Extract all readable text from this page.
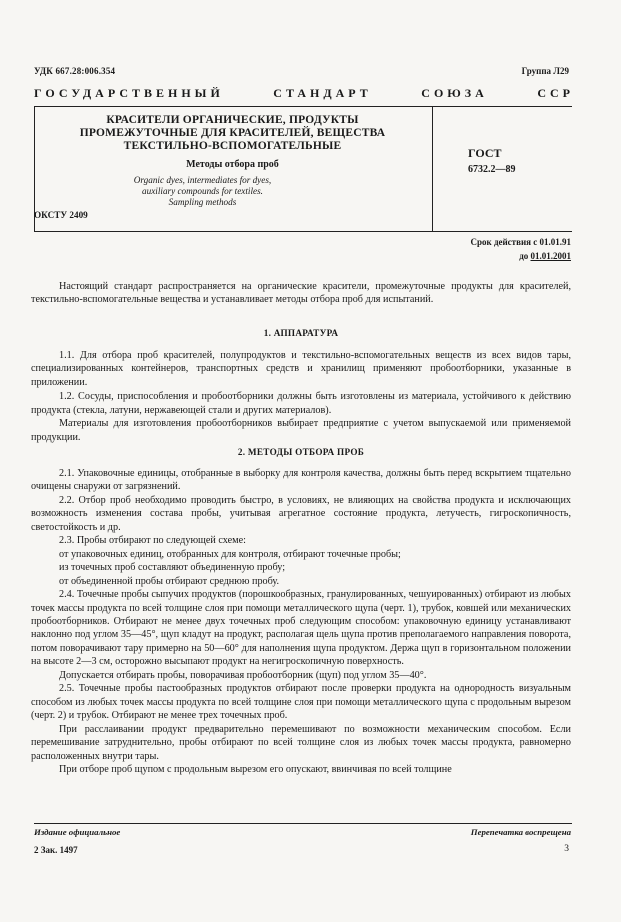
УДК 667.28:006.354	Группа Л29
ГОСУДАРСТВЕННЫЙ	СТАНДАРТ	СОЮЗА	ССР
КРАСИТЕЛИ ОРГАНИЧЕСКИЕ, ПРОДУКТЫ
ПРОМЕЖУТОЧНЫЕ ДЛЯ КРАСИТЕЛЕЙ, ВЕЩЕСТВА
ТЕКСТИЛЬНО-ВСПОМОГАТЕЛЬНЫЕ
Методы отбора проб
Organic dyes, intermediates for dyes,
auxiliary compounds for textiles.
Sampling methods
ГОСТ
6732.2—89
ОКСТУ 2409
Срок действия с 01.01.91
до 01.01.2001

Настоящий стандарт распространяется на органические красители, промежуточные продукты для красителей, текстильно-вспомогательные вещества и устанавливает методы отбора проб для испытаний.

1. АППАРАТУРА

1.1. Для отбора проб красителей, полупродуктов и текстильно-вспомогательных веществ из всех видов тары, специализированных контейнеров, транспортных средств и хранилищ применяют пробоотборники, указанные в приложении.

1.2. Сосуды, приспособления и пробоотборники должны быть изготовлены из материала, устойчивого к действию продукта (стекла, латуни, нержавеющей стали и других материалов).

Материалы для изготовления пробоотборников выбирает предприятие с учетом выпускаемой или применяемой продукции.

2. МЕТОДЫ ОТБОРА ПРОБ

2.1. Упаковочные единицы, отобранные в выборку для контроля качества, должны быть перед вскрытием тщательно очищены снаружи от загрязнений.

2.2. Отбор проб необходимо проводить быстро, в условиях, не влияющих на свойства продукта и исключающих возможность изменения состава пробы, учитывая агрегатное состояние продукта, летучесть, гигроскопичность, светостойкость и др.

2.3. Пробы отбирают по следующей схеме:

от упаковочных единиц, отобранных для контроля, отбирают точечные пробы;

из точечных проб составляют объединенную пробу;

от объединенной пробы отбирают среднюю пробу.

2.4. Точечные пробы сыпучих продуктов (порошкообразных, гранулированных, чешуированных) отбирают из любых точек массы продукта по всей толщине слоя при помощи металлического щупа (черт. 1), трубок, ковшей или механических пробоотборников. Отбирают не менее двух точечных проб следующим способом: упаковочную единицу устанавливают наклонно под углом 35—45°, щуп кладут на продукт, располагая щель щупа против преполагаемого направления поворота, потом поворачивают тару примерно на 50—60° для наполнения щупа продуктом. Держа щуп в горизонтальном положении на высоте 2—3 см, осторожно высыпают продукт на негигроскопичную поверхность.

Допускается отбирать пробы, поворачивая пробоотборник (щуп) под углом 35—40°.

2.5. Точечные пробы пастообразных продуктов отбирают после проверки продукта на однородность визуальным способом из любых точек массы продукта по всей толщине слоя при помощи металлического щупа с продольным вырезом (черт. 2) и трубок. Отбирают не менее трех точечных проб.

При расслаивании продукт предварительно перемешивают по возможности механическим способом. Если перемешивание затруднительно, пробы отбирают по всей толщине слоя из любых точек массы продукта, равномерно расположенных внутри тары.

При отборе проб щупом с продольным вырезом его опускают, ввинчивая по всей толщине

Издание официальное	Перепечатка воспрещена
2 Зак. 1497	3
